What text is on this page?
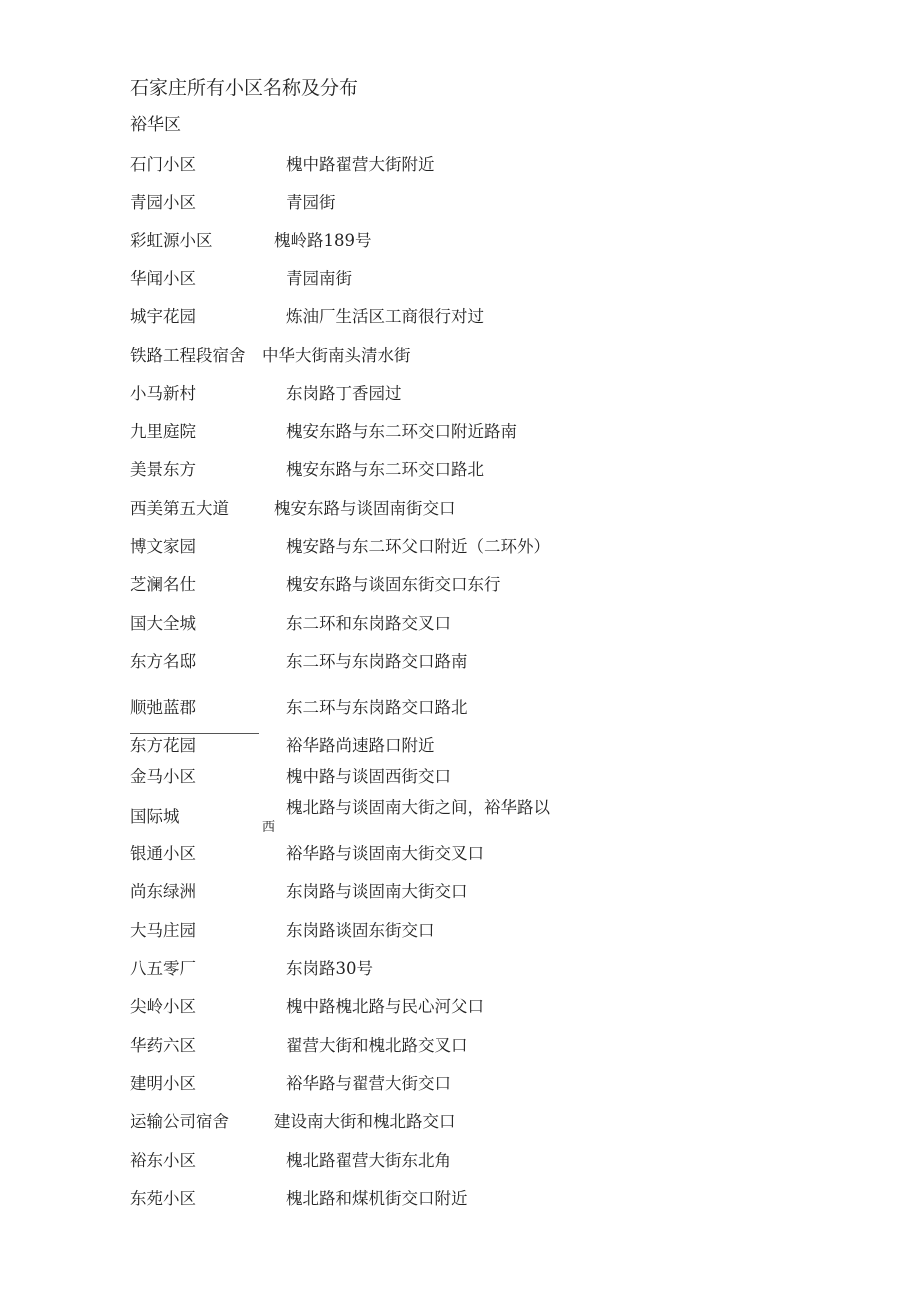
石家庄所有小区名称及分布
裕华区
石门小区	槐中路翟营大街附近
青园小区	青园街
彩虹源小区	槐岭路189号
华闻小区	青园南街
城宇花园	炼油厂生活区工商很行对过
铁路工程段宿舍 中华大街南头清水街
小马新村	东岗路丁香园过
九里庭院	槐安东路与东二环交口附近路南
美景东方	槐安东路与东二环交口路北
西美第五大道	槐安东路与谈固南街交口
博文家园	槐安路与东二环父口附近（二环外）
芝澜名仕	槐安东路与谈固东街交口东行
国大全城	东二环和东岗路交叉口
东方名邸	东二环与东岗路交口路南
顺弛蓝郡	东二环与东岗路交口路北
东方花园	裕华路尚速路口附近
金马小区	槐中路与谈固西街交口
国际城	槐北路与谈固南大街之间，裕华路以
西
银通小区	裕华路与谈固南大街交叉口
尚东绿洲	东岗路与谈固南大街交口
大马庄园	东岗路谈固东街交口
八五零厂	东岗路30号
尖岭小区	槐中路槐北路与民心河父口
华药六区	翟营大街和槐北路交叉口
建明小区	裕华路与翟营大街交口
运输公司宿舍	建设南大街和槐北路交口
裕东小区	槐北路翟营大街东北角
东苑小区	槐北路和煤机街交口附近
